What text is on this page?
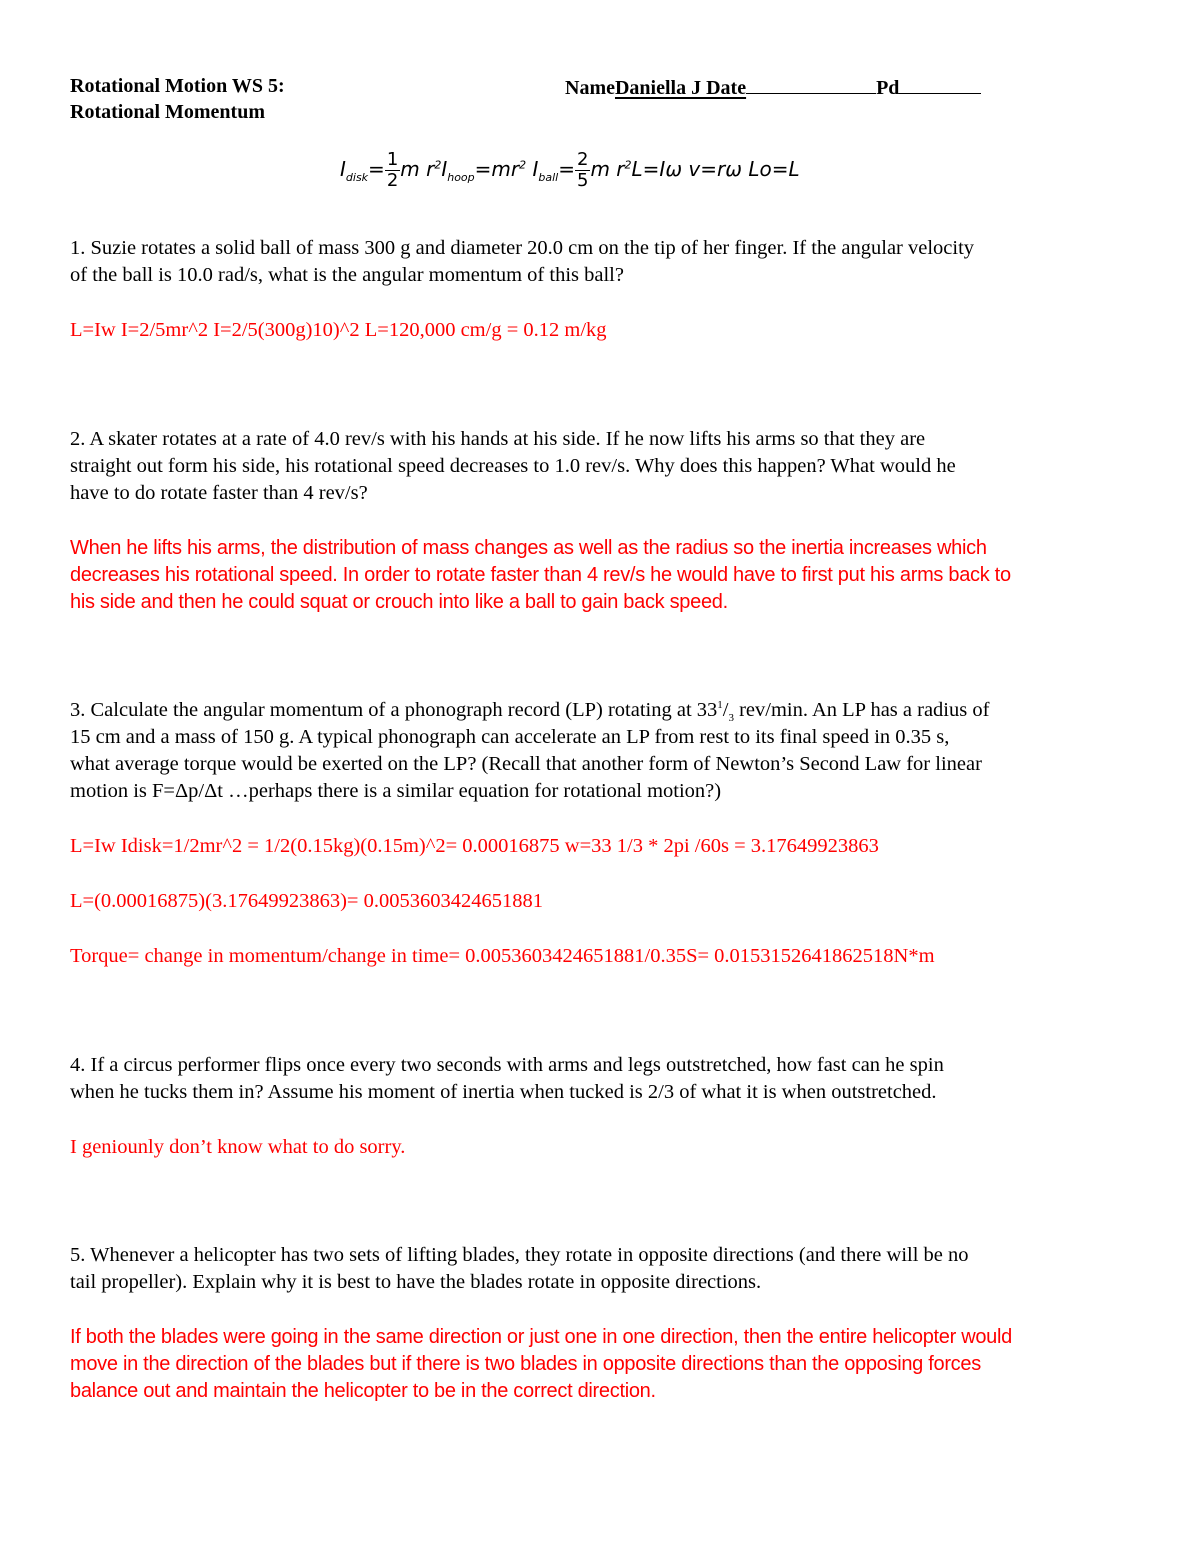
Rotational Motion WS 5:
Rotational Momentum
NameDaniella J Date	Pd
$I_{disk}= \frac{1}{2}$ m $r^2I_{hoop}=mr^2$ $I_{ball}= \frac{2}{5}$ m $r^2L=I\omega$ v=rω Lo=L
1. Suzie rotates a solid ball of mass 300 g and diameter 20.0 cm on the tip of her finger. If the angular velocity
of the ball is 10.0 rad/s, what is the angular momentum of this ball?
L=Iw I=2/5mr^2 I=2/5(300g)10)^2 L=120,000 cm/g = 0.12 m/kg
2. A skater rotates at a rate of 4.0 rev/s with his hands at his side. If he now lifts his arms so that they are
straight out form his side, his rotational speed decreases to 1.0 rev/s. Why does this happen? What would he
have to do rotate faster than 4 rev/s?
When he lifts his arms, the distribution of mass changes as well as the radius so the inertia increases which
decreases his rotational speed. In order to rotate faster than 4 rev/s he would have to first put his arms back to
his side and then he could squat or crouch into like a ball to gain back speed.
3. Calculate the angular momentum of a phonograph record (LP) rotating at $33^1/_3$ rev/min. An LP has a radius of
15 cm and a mass of 150 g. A typical phonograph can accelerate an LP from rest to its final speed in 0.35 s,
what average torque would be exerted on the LP? (Recall that another form of Newton’s Second Law for linear
motion is F=Δp/Δt …perhaps there is a similar equation for rotational motion?)
L=Iw Idisk=1/2mr^2 = 1/2(0.15kg)(0.15m)^2= 0.00016875 w=33 1/3 * 2pi /60s = 3.17649923863
L=(0.00016875)(3.17649923863)= 0.0053603424651881
Torque= change in momentum/change in time= 0.0053603424651881/0.35S= 0.0153152641862518N*m
4. If a circus performer flips once every two seconds with arms and legs outstretched, how fast can he spin
when he tucks them in? Assume his moment of inertia when tucked is 2/3 of what it is when outstretched.
I geniounly don’t know what to do sorry.
5. Whenever a helicopter has two sets of lifting blades, they rotate in opposite directions (and there will be no
tail propeller). Explain why it is best to have the blades rotate in opposite directions.
If both the blades were going in the same direction or just one in one direction, then the entire helicopter would
move in the direction of the blades but if there is two blades in opposite directions than the opposing forces
balance out and maintain the helicopter to be in the correct direction.
